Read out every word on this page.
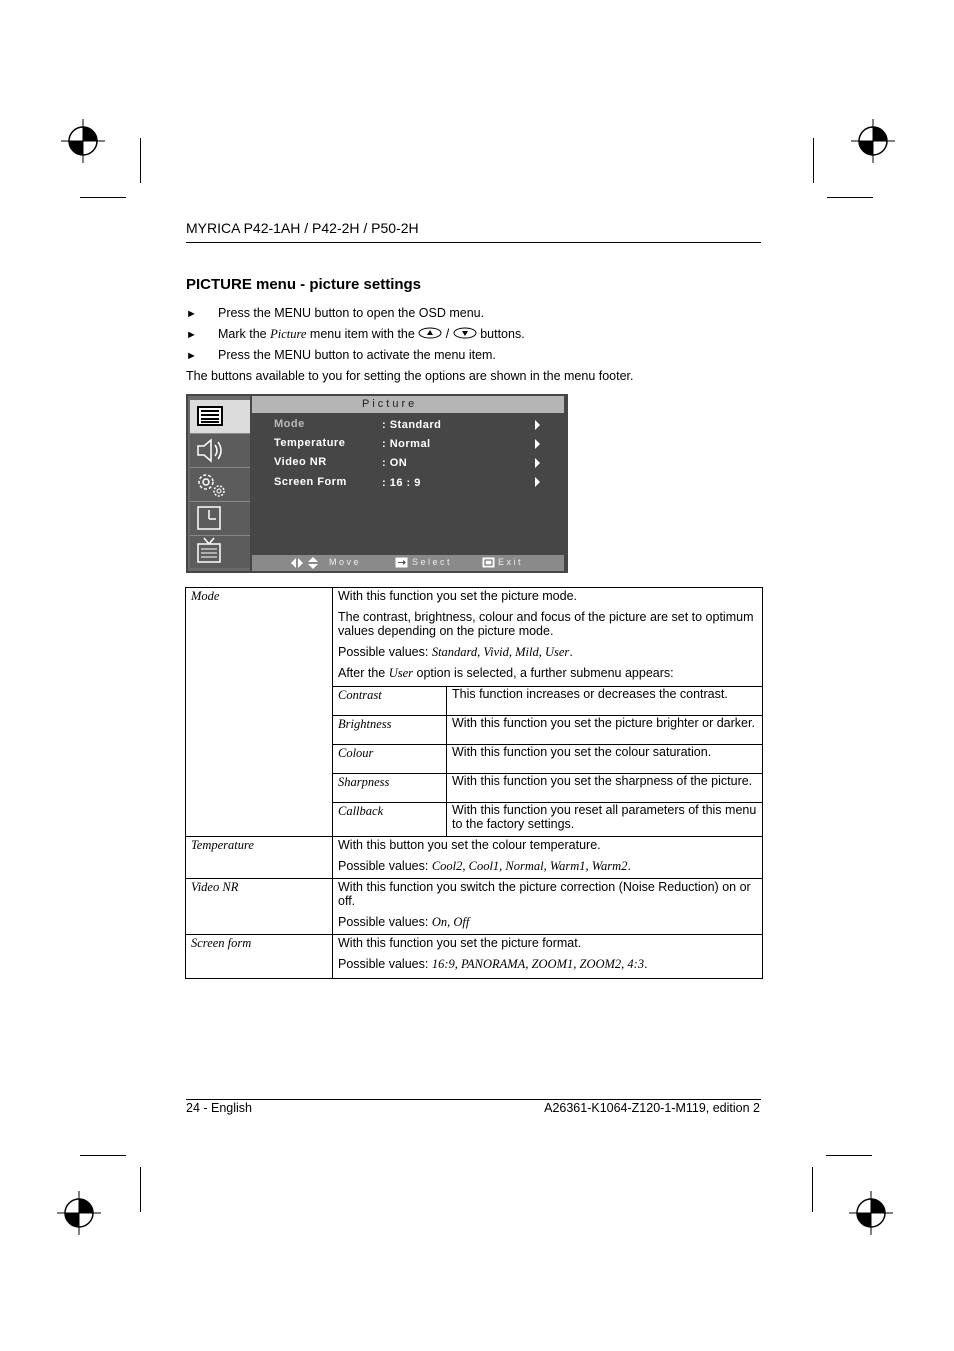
MYRICA P42-1AH / P42-2H / P50-2H
PICTURE menu - picture settings
► Press the MENU button to open the OSD menu.
► Mark the Picture menu item with the  /  buttons.
► Press the MENU button to activate the menu item.
The buttons available to you for setting the options are shown in the menu footer.
Picture
Mode	: Standard
Temperature	: Normal
Video NR	: ON
Screen Form	: 16 : 9
Move	Select	Exit
Mode	With this function you set the picture mode.

The contrast, brightness, colour and focus of the picture are set to optimum values depending on the picture mode.

Possible values: Standard, Vivid, Mild, User.

After the User option is selected, a further submenu appears:

Contrast	This function increases or decreases the contrast.
Brightness	With this function you set the picture brighter or darker.
Colour	With this function you set the colour saturation.
Sharpness	With this function you set the sharpness of the picture.
Callback	With this function you reset all parameters of this menu to the factory settings.

Temperature	With this button you set the colour temperature.

Possible values: Cool2, Cool1, Normal, Warm1, Warm2.

Video NR	With this function you switch the picture correction (Noise Reduction) on or off.

Possible values: On, Off

Screen form	With this function you set the picture format.

Possible values: 16:9, PANORAMA, ZOOM1, ZOOM2, 4:3.

24 - English	A26361-K1064-Z120-1-M119, edition 2
